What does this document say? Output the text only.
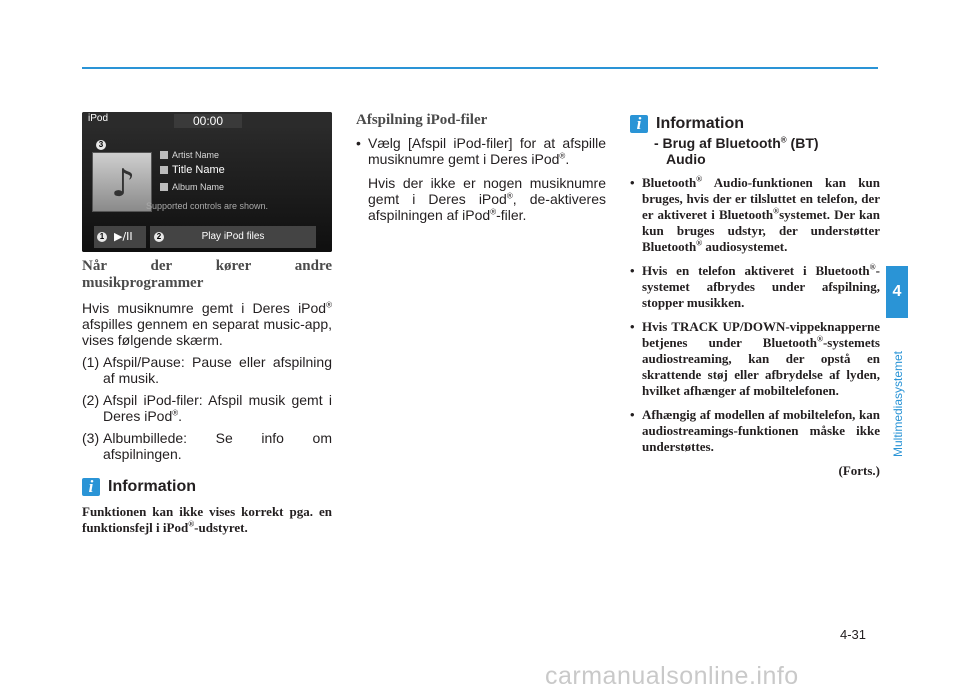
iPod	00:00
♪
3
Artist Name
Title Name
Album Name
Supported controls are shown.
1 ▶/II	2	Play iPod files
Når der kører andre musikprogrammer

Hvis musiknumre gemt i Deres iPod® afspilles gennem en separat music-app, vises følgende skærm.

(1) Afspil/Pause: Pause eller afspilning af musik.
(2) Afspil iPod-filer: Afspil musik gemt i Deres iPod®.
(3) Albumbillede: Se info om afspilningen.
i Information

Funktionen kan ikke vises korrekt pga. en funktionsfejl i iPod®-udstyret.

Afspilning iPod-filer
• Vælg [Afspil iPod-filer] for at afspille musiknumre gemt i Deres iPod®.

Hvis der ikke er nogen musiknumre gemt i Deres iPod®, de-aktiveres afspilningen af iPod®-filer.

i Information
- Brug af Bluetooth® (BT)
Audio
• Bluetooth® Audio-funktionen kan kun bruges, hvis der er tilsluttet en telefon, der er aktiveret i Bluetooth®systemet. Der kan kun bruges udstyr, der understøtter Bluetooth® audiosystemet.
• Hvis en telefon aktiveret i Bluetooth®-systemet afbrydes under afspilning, stopper musikken.
• Hvis TRACK UP/DOWN-vippeknapperne betjenes under Bluetooth®-systemets audiostreaming, kan der opstå en skrattende støj eller afbrydelse af lyden, hvilket afhænger af mobiltelefonen.
• Afhængig af modellen af mobiltelefon, kan audiostreamings-funktionen måske ikke understøttes.
(Forts.)
4
Multimediasystemet
4-31
carmanualsonline.info
